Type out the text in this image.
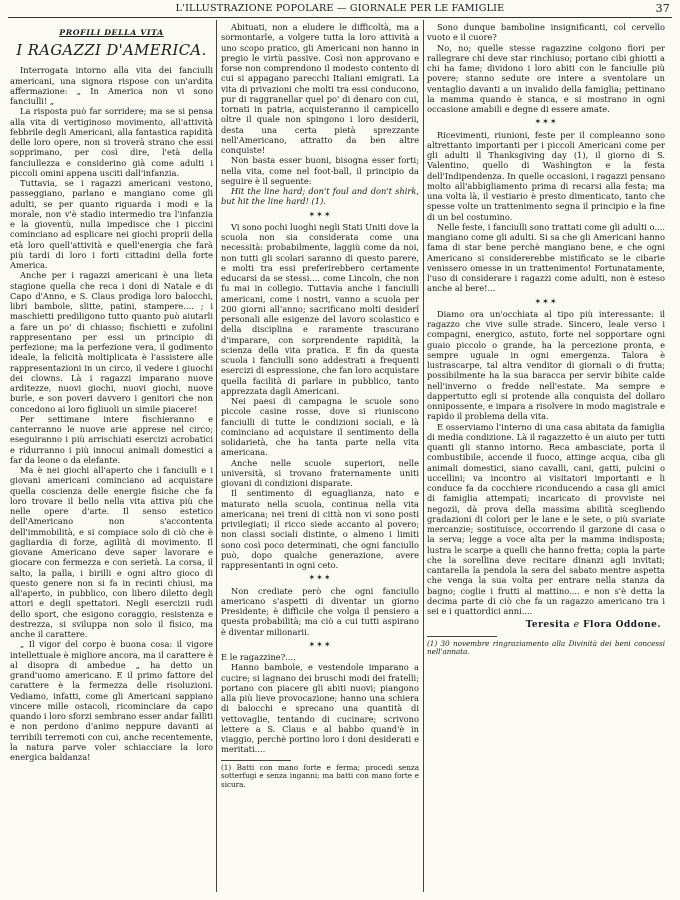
L'ILLUSTRAZIONE POPOLARE — GIORNALE PER LE FAMIGLIE	37
PROFILI DELLA VITA
I RAGAZZI D'AMERICA.

Interrogata intorno alla vita dei fanciulli americani, una signora rispose con un'ardita affermazione: „ In America non vi sono fanciulli! „

La risposta può far sorridere; ma se si pensa alla vita di vertiginoso movimento, all'attività febbrile degli Americani, alla fantastica rapidità delle loro opere, non si troverà strano che essi sopprimano, per così dire, l'età della fanciullezza e considerino già come adulti i piccoli omini appena usciti dall'infanzia.

Tuttavia, se i ragazzi americani vestono, passeggiano, parlano e mangiano come gli adulti, se per quanto riguarda i modi e la morale, non v'è stadio intermedio tra l'infanzia e la gioventù, nulla impedisce che i piccini cominciano ad esplicare nei giochi proprii della età loro quell'attività e quell'energia che farà più tardi di loro i forti cittadini della forte America.

Anche per i ragazzi americani è una lieta stagione quella che reca i doni di Natale e di Capo d'Anno, e S. Claus prodiga loro balocchi, libri bambole, slitte, patini, stampere.... ; i maschietti prediligono tutto quanto può aiutarli a fare un po' di chiasso; fischietti e zufolini rappresentano per essi un principio di perfezione; ma la perfezione vera, il godimento ideale, la felicità moltiplicata è l'assistere alle rappresentazioni in un circo, il vedere i giuochi dei clowns. Là i ragazzi imparano nuove arditezze, nuovi giochi, nuovi giochi, nuove burle, e son poveri davvero i genitori che non concedono ai loro figliuoli un simile piacere!

Per settimane intere fischieranno e canterranno le nuove arie apprese nel circo; eseguiranno i più arrischiati esercizi acrobatici e ridurranno i più innocui animali domestici a far da leone o da elefante.

Ma è nei giochi all'aperto che i fanciulli e i giovani americani cominciano ad acquistare quella coscienza delle energie fisiche che fa loro trovare il bello nella vita attiva più che nelle opere d'arte. Il senso estetico dell'Americano non s'accontenta dell'immobilità, e si compiace solo di ciò che è gagliardia di forze, agilità di movimento. Il giovane Americano deve saper lavorare e giocare con fermezza e con serietà. La corsa, il salto, la palla, i birilli e ogni altro gioco di questo genere non si fa in recinti chiusi, ma all'aperto, in pubblico, con libero diletto degli attori e degli spettatori. Negli esercizii rudi dello sport, che esigono coraggio, resistenza e destrezza, si sviluppa non solo il fisico, ma anche il carattere.

„ Il vigor del corpo è buona cosa: il vigore intellettuale è migliore ancora, ma il carattere è al disopra di ambedue „ ha detto un grand'uomo americano. E il primo fattore del carattere è la fermezza delle risoluzioni. Vediamo, infatti, come gli Americani sappiano vincere mille ostacoli, ricominciare da capo quando i loro sforzi sembrano esser andar falliti e non perdono d'animo neppure davanti ai terribili terremoti con cui, anche recentemente, la natura parve voler schiacciare la loro energica baldanza!

Abituati, non a eludere le difficoltà, ma a sormontarle, a volgere tutta la loro attività a uno scopo pratico, gli Americani non hanno in pregio le virtù passive. Così non approvano e forse non comprendono il modesto contento di cui si appagano parecchi Italiani emigrati. La vita di privazioni che molti tra essi conducono, pur di raggranellar quel po' di denaro con cui, tornati in patria, acquisteranno il campicello oltre il quale non spingono i loro desiderii, desta una certa pietà sprezzante nell'Americano, attratto da ben altre conquiste!

Non basta esser buoni, bisogna esser forti; nella vita, come nel foot-ball, il principio da seguire è il seguente:

Hit the line hard; don't foul and don't shirk, but hit the line hard! (1).

✶✶✶

Vi sono pochi luoghi negli Stati Uniti dove la scuola non sia considerata come una necessità: probabilmente, laggiù come da noi, non tutti gli scolari saranno di questo parere, e molti tra essi preferirebbero certamente educarsi da se stessi.... come Lincoln, che non fu mai in collegio. Tuttavia anche i fanciulli americani, come i nostri, vanno a scuola per 200 giorni all'anno; sacrificano molti desiderî personali alle esigenze del lavoro scolastico e della disciplina e raramente trascurano d'imparare, con sorprendente rapidità, la scienza della vita pratica. E fin da questa scuola i fanciulli sono addestrati a frequenti esercizi di espressione, che fan loro acquistare quella facilità di parlare in pubblico, tanto apprezzata dagli Americani.

Nei paesi di campagna le scuole sono piccole casine rosse, dove si riuniscono fanciulli di tutte le condizioni sociali, e là cominciano ad acquistare il sentimento della solidarietà, che ha tanta parte nella vita americana.

Anche nelle scuole superiori, nelle università, si trovano fraternamente uniti giovani di condizioni disparate.

Il sentimento di eguaglianza, nato e maturato nella scuola, continua nella vita americana; nei treni di città non vi sono posti privilegiati; il ricco siede accanto al povero; non classi sociali distinte, o almeno i limiti sono così poco determinati, che ogni fanciullo può, dopo qualche generazione, avere rappresentanti in ogni ceto.

✶✶✶

Non crediate però che ogni fanciullo americano s'aspetti di diventar un giorno Presidente; è difficile che volga il pensiero a questa probabilità; ma ciò a cui tutti aspirano è diventar milionarii.

✶✶✶

E le ragazzine?....

Hanno bambole, e vestendole imparano a cucire; si lagnano dei bruschi modi dei fratelli; portano con piacere gli abiti nuovi; piangono alla più lieve provocazione; hanno una schiera di balocchi e sprecano una quantità di vettovaglie, tentando di cucinare; scrivono lettere a S. Claus e al babbo quand'è in viaggio, perchè portino loro i doni desiderati e meritati....

(1) Batti con mano forte e ferma; procedi senza sotterfugi e senza inganni; ma batti con mano forte e sicura.

Sono dunque bamboline insignificanti, col cervello vuoto e il cuore?

No, no; quelle stesse ragazzine colgono fiori per rallegrare chi deve star rinchiuso; portano cibi ghiotti a chi ha fame; dividono i loro abiti con le fanciulle più povere; stanno sedute ore intere a sventolare un ventaglio davanti a un invalido della famiglia; pettinano la mamma quando è stanca, e si mostrano in ogni occasione amabili e degne di essere amate.

✶✶✶

Ricevimenti, riunioni, feste per il compleanno sono altrettanto importanti per i piccoli Americani come per gli adulti il Thanksgiving day (1), il giorno di S. Valentino, quello di Washington e la festa dell'Indipendenza. In quelle occasioni, i ragazzi pensano molto all'abbigliamento prima di recarsi alla festa; ma una volta là, il vestiario è presto dimenticato, tanto che spesse volte un trattenimento segna il principio e la fine di un bel costumino.

Nelle feste, i fanciulli sono trattati come gli adulti o.... mangiano come gli adulti. Si sa che gli Americani hanno fama di star bene perchè mangiano bene, e che ogni Americano si considererebbe mistificato se le cibarie venissero omesse in un trattenimento! Fortunatamente, l'uso di considerare i ragazzi come adulti, non è esteso anche al bere!...

✶✶✶

Diamo ora un'occhiata al tipo più interessante: il ragazzo che vive sulle strade. Sincero, leale verso i compagni, energico, astuto, forte nel sopportare ogni guaio piccolo o grande, ha la percezione pronta, e sempre uguale in ogni emergenza. Talora è lustrascarpe, tal altra venditor di giornali o di frutta; possibilmente ha la sua baracca per servir bibite calde nell'inverno o fredde nell'estate. Ma sempre e dappertutto egli si protende alla conquista del dollaro onnipossente, e impara a risolvere in modo magistrale e rapido il problema della vita.

E osserviamo l'interno di una casa abitata da famiglia di media condizione. Là il ragazzetto è un aiuto per tutti quanti gli stanno intorno. Reca ambasciate, porta il combustibile, accende il fuoco, attinge acqua, ciba gli animali domestici, siano cavalli, cani, gatti, pulcini o uccellini; va incontro ai visitatori importanti e li conduce fa da cocchiere riconducendo a casa gli amici di famiglia attempati; incaricato di provviste nei negozii, dà prova della massima abilità scegliendo gradazioni di colori per le lane e le sete, o più svariate mercanzie; sostituisce, occorrendo il garzone di casa o la serva; legge a voce alta per la mamma indisposta; lustra le scarpe a quelli che hanno fretta; copia la parte che la sorellina deve recitare dinanzi agli invitati; cantarella la pendola la sera del sabato mentre aspetta che venga la sua volta per entrare nella stanza da bagno; coglie i frutti al mattino.... e non s'è detta la decima parte di ciò che fa un ragazzo americano tra i sei e i quattordici anni....

Teresita e Flora Oddone.

(1) 30 novembre ringraziamento alla Divinità dei beni concessi nell'annata.
